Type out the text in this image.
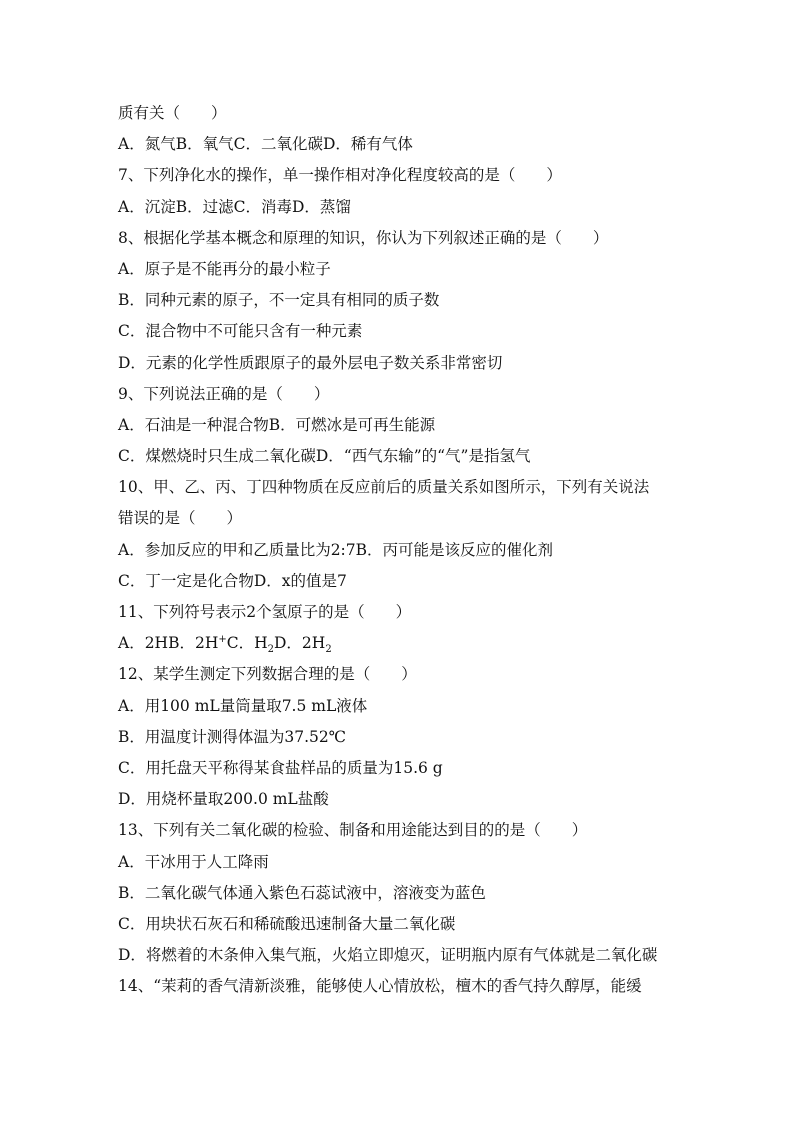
质有关（　　）
A．氮气B．氧气C．二氧化碳D．稀有气体
7、下列净化水的操作，单一操作相对净化程度较高的是（　　）
A．沉淀B．过滤C．消毒D．蒸馏
8、根据化学基本概念和原理的知识，你认为下列叙述正确的是（　　）
A．原子是不能再分的最小粒子
B．同种元素的原子，不一定具有相同的质子数
C．混合物中不可能只含有一种元素
D．元素的化学性质跟原子的最外层电子数关系非常密切
9、下列说法正确的是（　　）
A．石油是一种混合物B．可燃冰是可再生能源
C．煤燃烧时只生成二氧化碳D．“西气东输”的“气”是指氢气
10、甲、乙、丙、丁四种物质在反应前后的质量关系如图所示，下列有关说法
错误的是（　　）
A．参加反应的甲和乙质量比为2:7B．丙可能是该反应的催化剂
C．丁一定是化合物D．x的值是7
11、下列符号表示2个氢原子的是（　　）
A．2HB．2H+C．$H_2D$．$2H_2$
12、某学生测定下列数据合理的是（　　）
A．用100 mL量筒量取7.5 mL液体
B．用温度计测得体温为37.52℃
C．用托盘天平称得某食盐样品的质量为15.6 g
D．用烧杯量取200.0 mL盐酸
13、下列有关二氧化碳的检验、制备和用途能达到目的的是（　　）
A．干冰用于人工降雨
B．二氧化碳气体通入紫色石蕊试液中，溶液变为蓝色
C．用块状石灰石和稀硫酸迅速制备大量二氧化碳
D．将燃着的木条伸入集气瓶，火焰立即熄灭，证明瓶内原有气体就是二氧化碳
14、“茉莉的香气清新淡雅，能够使人心情放松，檀木的香气持久醇厚，能缓
